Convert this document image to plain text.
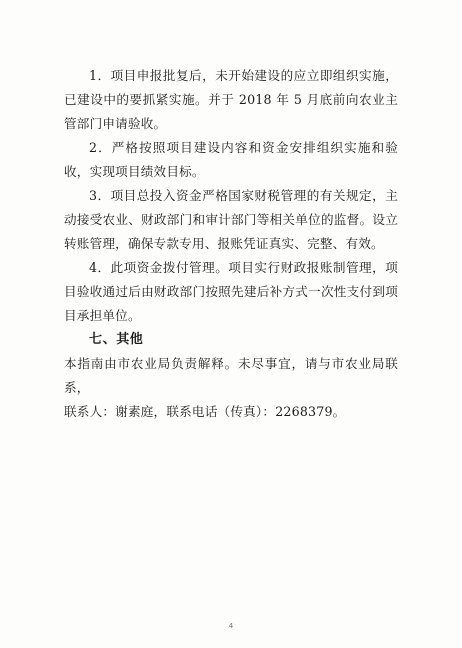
1．项目申报批复后，未开始建设的应立即组织实施，已建设中的要抓紧实施。并于 2018 年 5 月底前向农业主管部门申请验收。

2．严格按照项目建设内容和资金安排组织实施和验收，实现项目绩效目标。

3．项目总投入资金严格国家财税管理的有关规定，主动接受农业、财政部门和审计部门等相关单位的监督。设立转账管理，确保专款专用、报账凭证真实、完整、有效。

4．此项资金拨付管理。项目实行财政报账制管理，项目验收通过后由财政部门按照先建后补方式一次性支付到项目承担单位。

七、其他

本指南由市农业局负责解释。未尽事宜，请与市农业局联系，

联系人：谢素庭，联系电话（传真）：2268379。

4
